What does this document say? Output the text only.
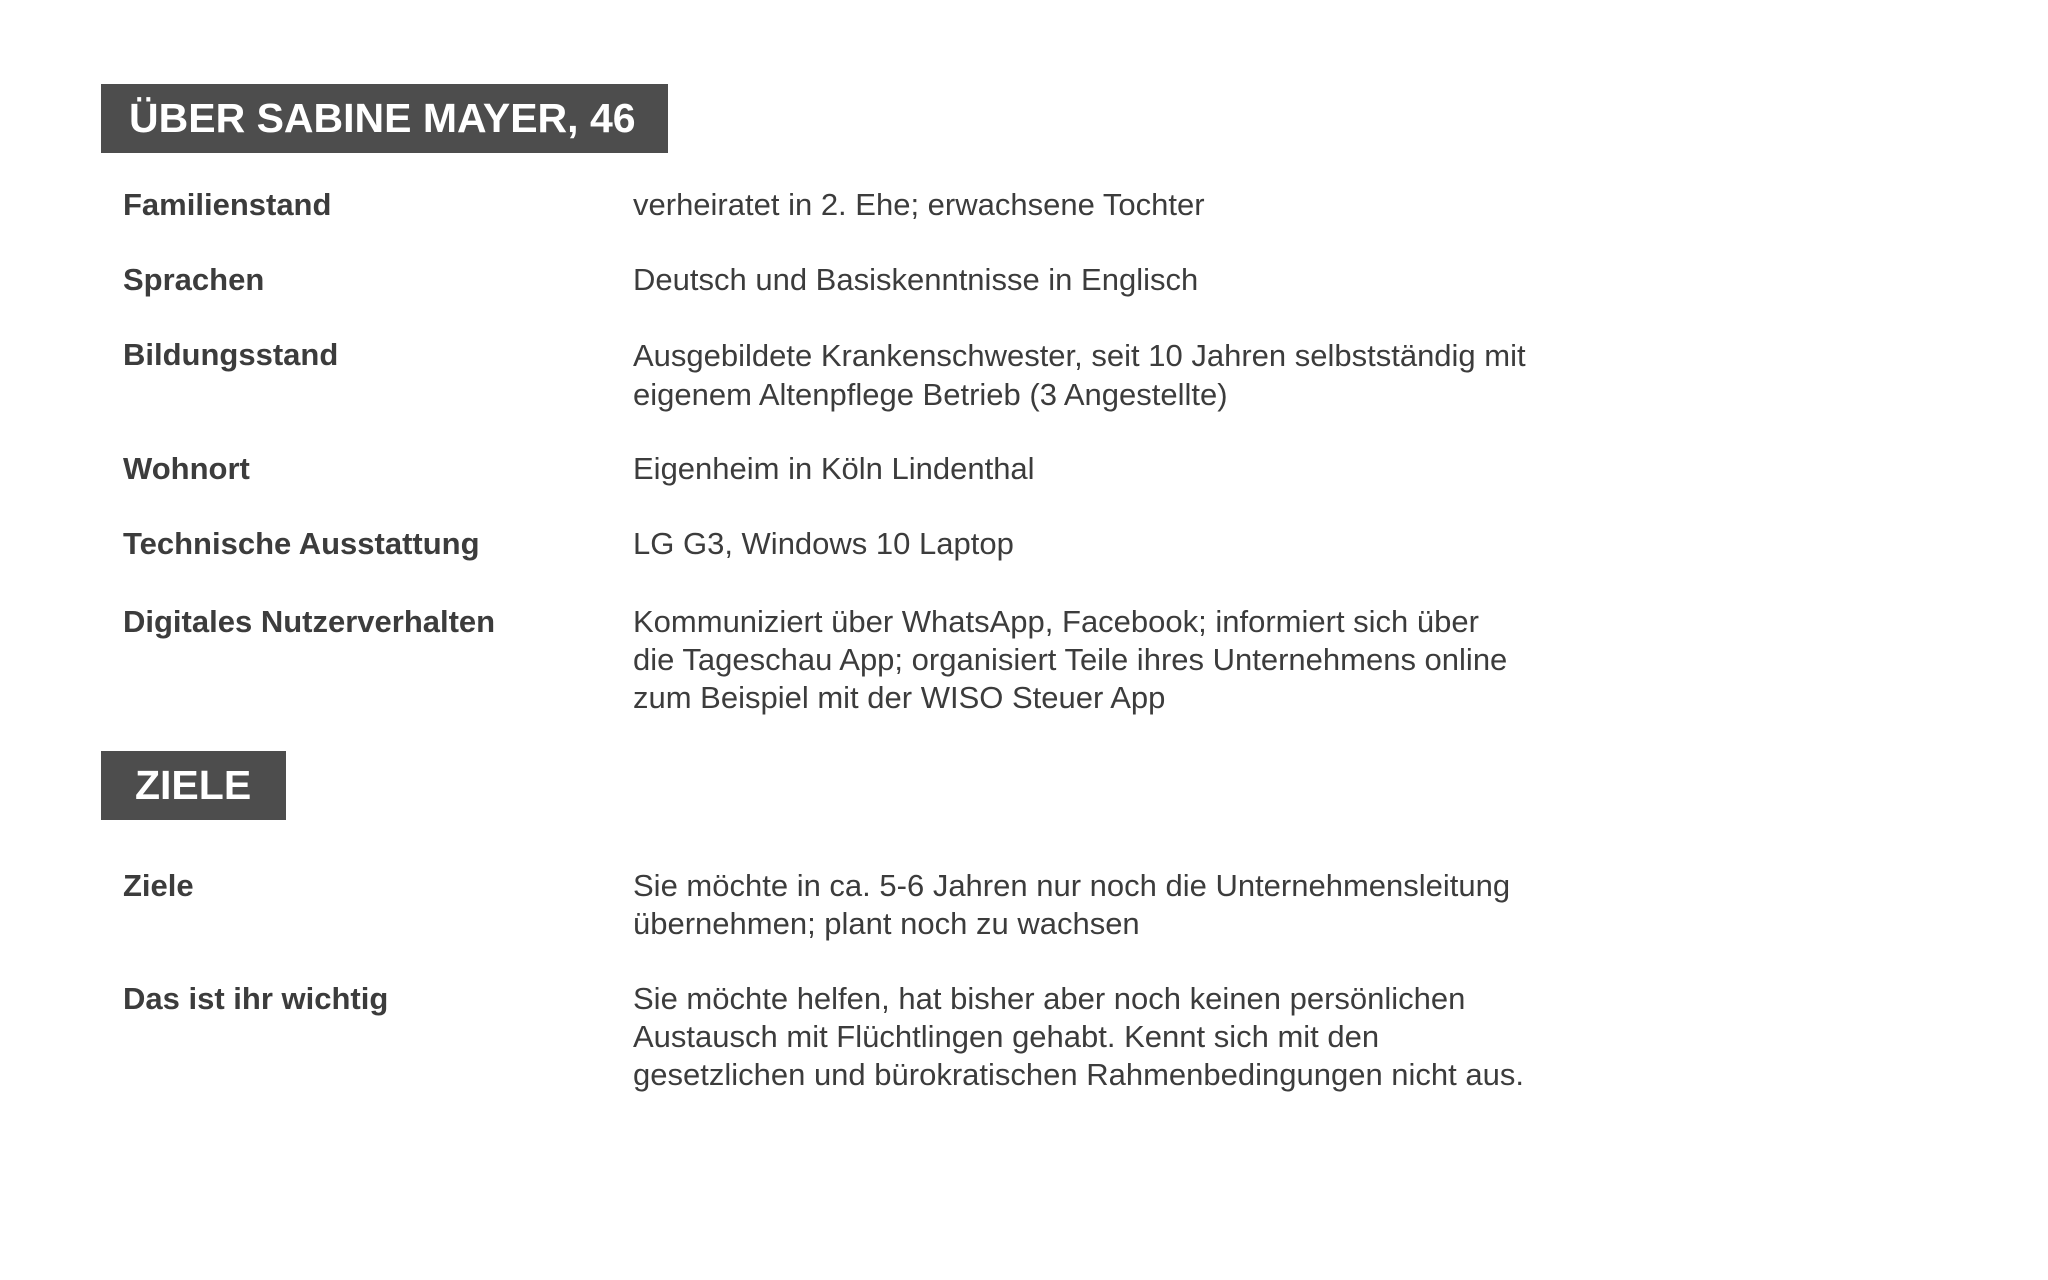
ÜBER SABINE MAYER, 46
Familienstand	verheiratet in 2. Ehe; erwachsene Tochter
Sprachen	Deutsch und Basiskenntnisse in Englisch
Bildungsstand	Ausgebildete Krankenschwester, seit 10 Jahren selbstständig mit
eigenem Altenpflege Betrieb (3 Angestellte)
Wohnort	Eigenheim in Köln Lindenthal
Technische Ausstattung	LG G3, Windows 10 Laptop
Digitales Nutzerverhalten	Kommuniziert über WhatsApp, Facebook; informiert sich über
die Tageschau App; organisiert Teile ihres Unternehmens online
zum Beispiel mit der WISO Steuer App
ZIELE
Ziele	Sie möchte in ca. 5-6 Jahren nur noch die Unternehmensleitung
übernehmen; plant noch zu wachsen
Das ist ihr wichtig	Sie möchte helfen, hat bisher aber noch keinen persönlichen
Austausch mit Flüchtlingen gehabt. Kennt sich mit den
gesetzlichen und bürokratischen Rahmenbedingungen nicht aus.
